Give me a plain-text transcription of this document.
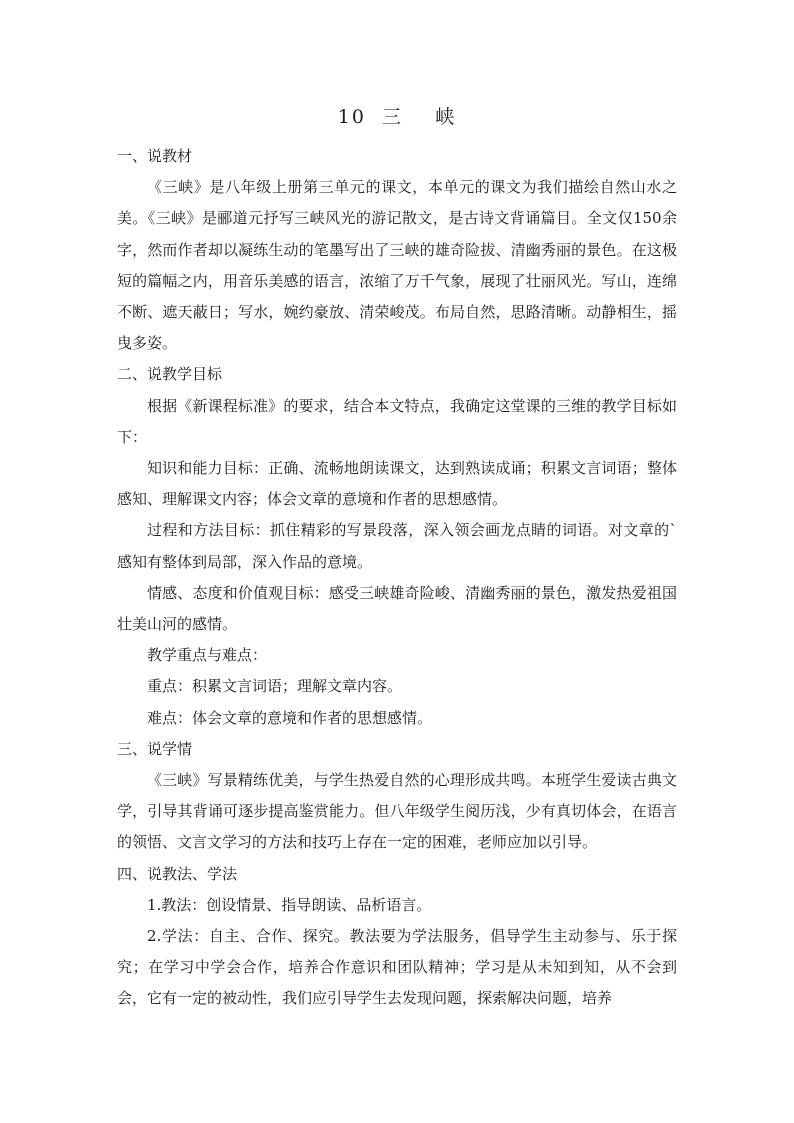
10  三    峡

一、说教材

《三峡》是八年级上册第三单元的课文，本单元的课文为我们描绘自然山水之美。《三峡》是郦道元抒写三峡风光的游记散文，是古诗文背诵篇目。全文仅150余字，然而作者却以凝练生动的笔墨写出了三峡的雄奇险拔、清幽秀丽的景色。在这极短的篇幅之内，用音乐美感的语言，浓缩了万千气象，展现了壮丽风光。写山，连绵不断、遮天蔽日；写水，婉约豪放、清荣峻茂。布局自然，思路清晰。动静相生，摇曳多姿。

二、说教学目标

根据《新课程标准》的要求，结合本文特点，我确定这堂课的三维的教学目标如下：

知识和能力目标：正确、流畅地朗读课文，达到熟读成诵；积累文言词语；整体感知、理解课文内容；体会文章的意境和作者的思想感情。

过程和方法目标：抓住精彩的写景段落，深入领会画龙点睛的词语。对文章的`感知有整体到局部，深入作品的意境。

情感、态度和价值观目标：感受三峡雄奇险峻、清幽秀丽的景色，激发热爱祖国壮美山河的感情。

教学重点与难点：

重点：积累文言词语；理解文章内容。

难点：体会文章的意境和作者的思想感情。

三、说学情

《三峡》写景精练优美，与学生热爱自然的心理形成共鸣。本班学生爱读古典文学，引导其背诵可逐步提高鉴赏能力。但八年级学生阅历浅，少有真切体会，在语言的领悟、文言文学习的方法和技巧上存在一定的困难，老师应加以引导。

四、说教法、学法

1.教法：创设情景、指导朗读、品析语言。

2.学法：自主、合作、探究。教法要为学法服务，倡导学生主动参与、乐于探究；在学习中学会合作，培养合作意识和团队精神；学习是从未知到知，从不会到会，它有一定的被动性，我们应引导学生去发现问题，探索解决问题，培养
